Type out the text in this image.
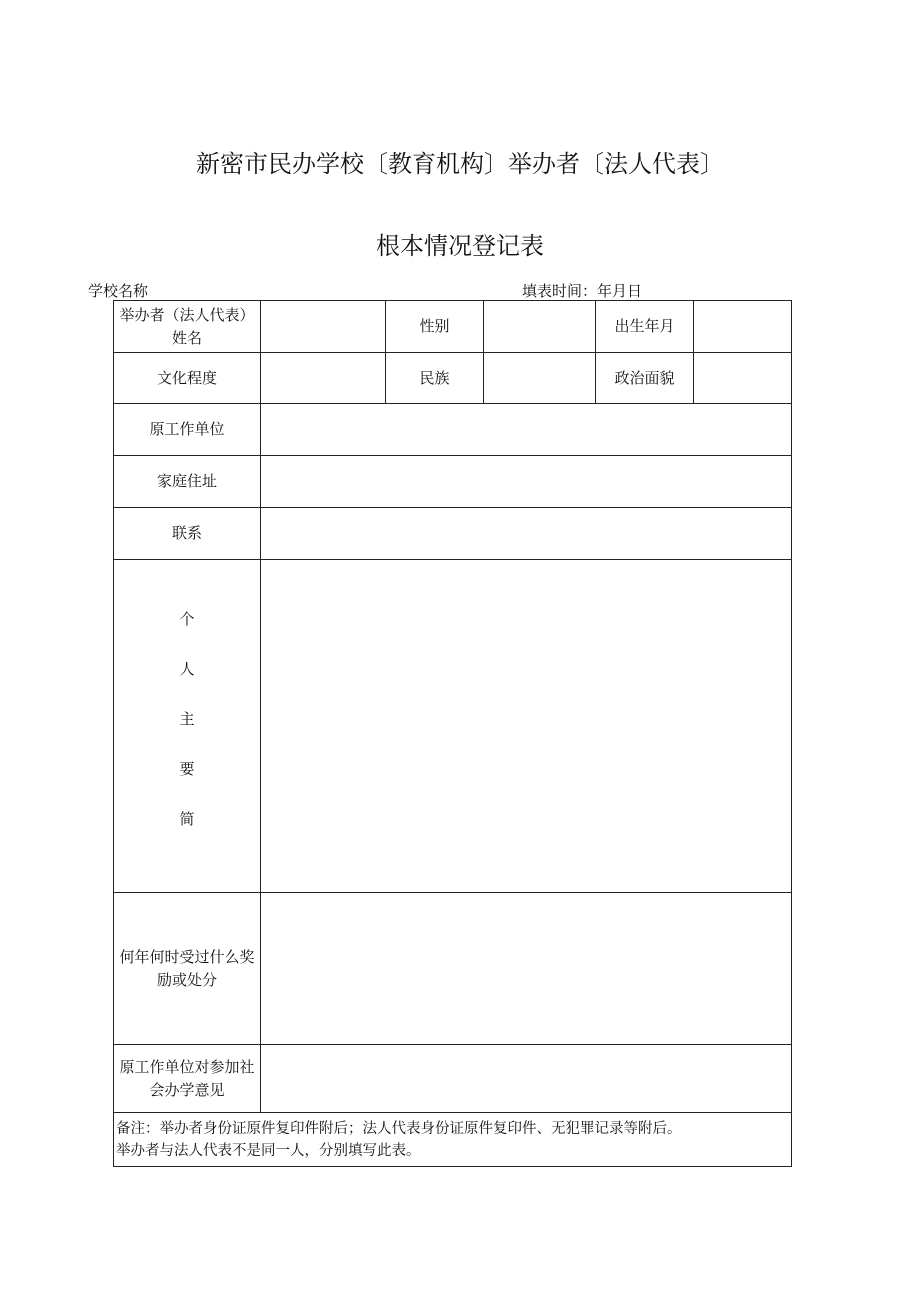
新密市民办学校〔教育机构〕举办者〔法人代表〕
根本情况登记表
学校名称	填表时间：年月日
举办者（法人代表）姓名		性别		出生年月	
文化程度		民族		政治面貌	
原工作单位					
家庭住址					
联系					

个
人
主
要
简					

何年何时受过什么奖励或处分					
原工作单位对参加社会办学意见					

备注：举办者身份证原件复印件附后；法人代表身份证原件复印件、无犯罪记录等附后。
举办者与法人代表不是同一人，分别填写此表。					
